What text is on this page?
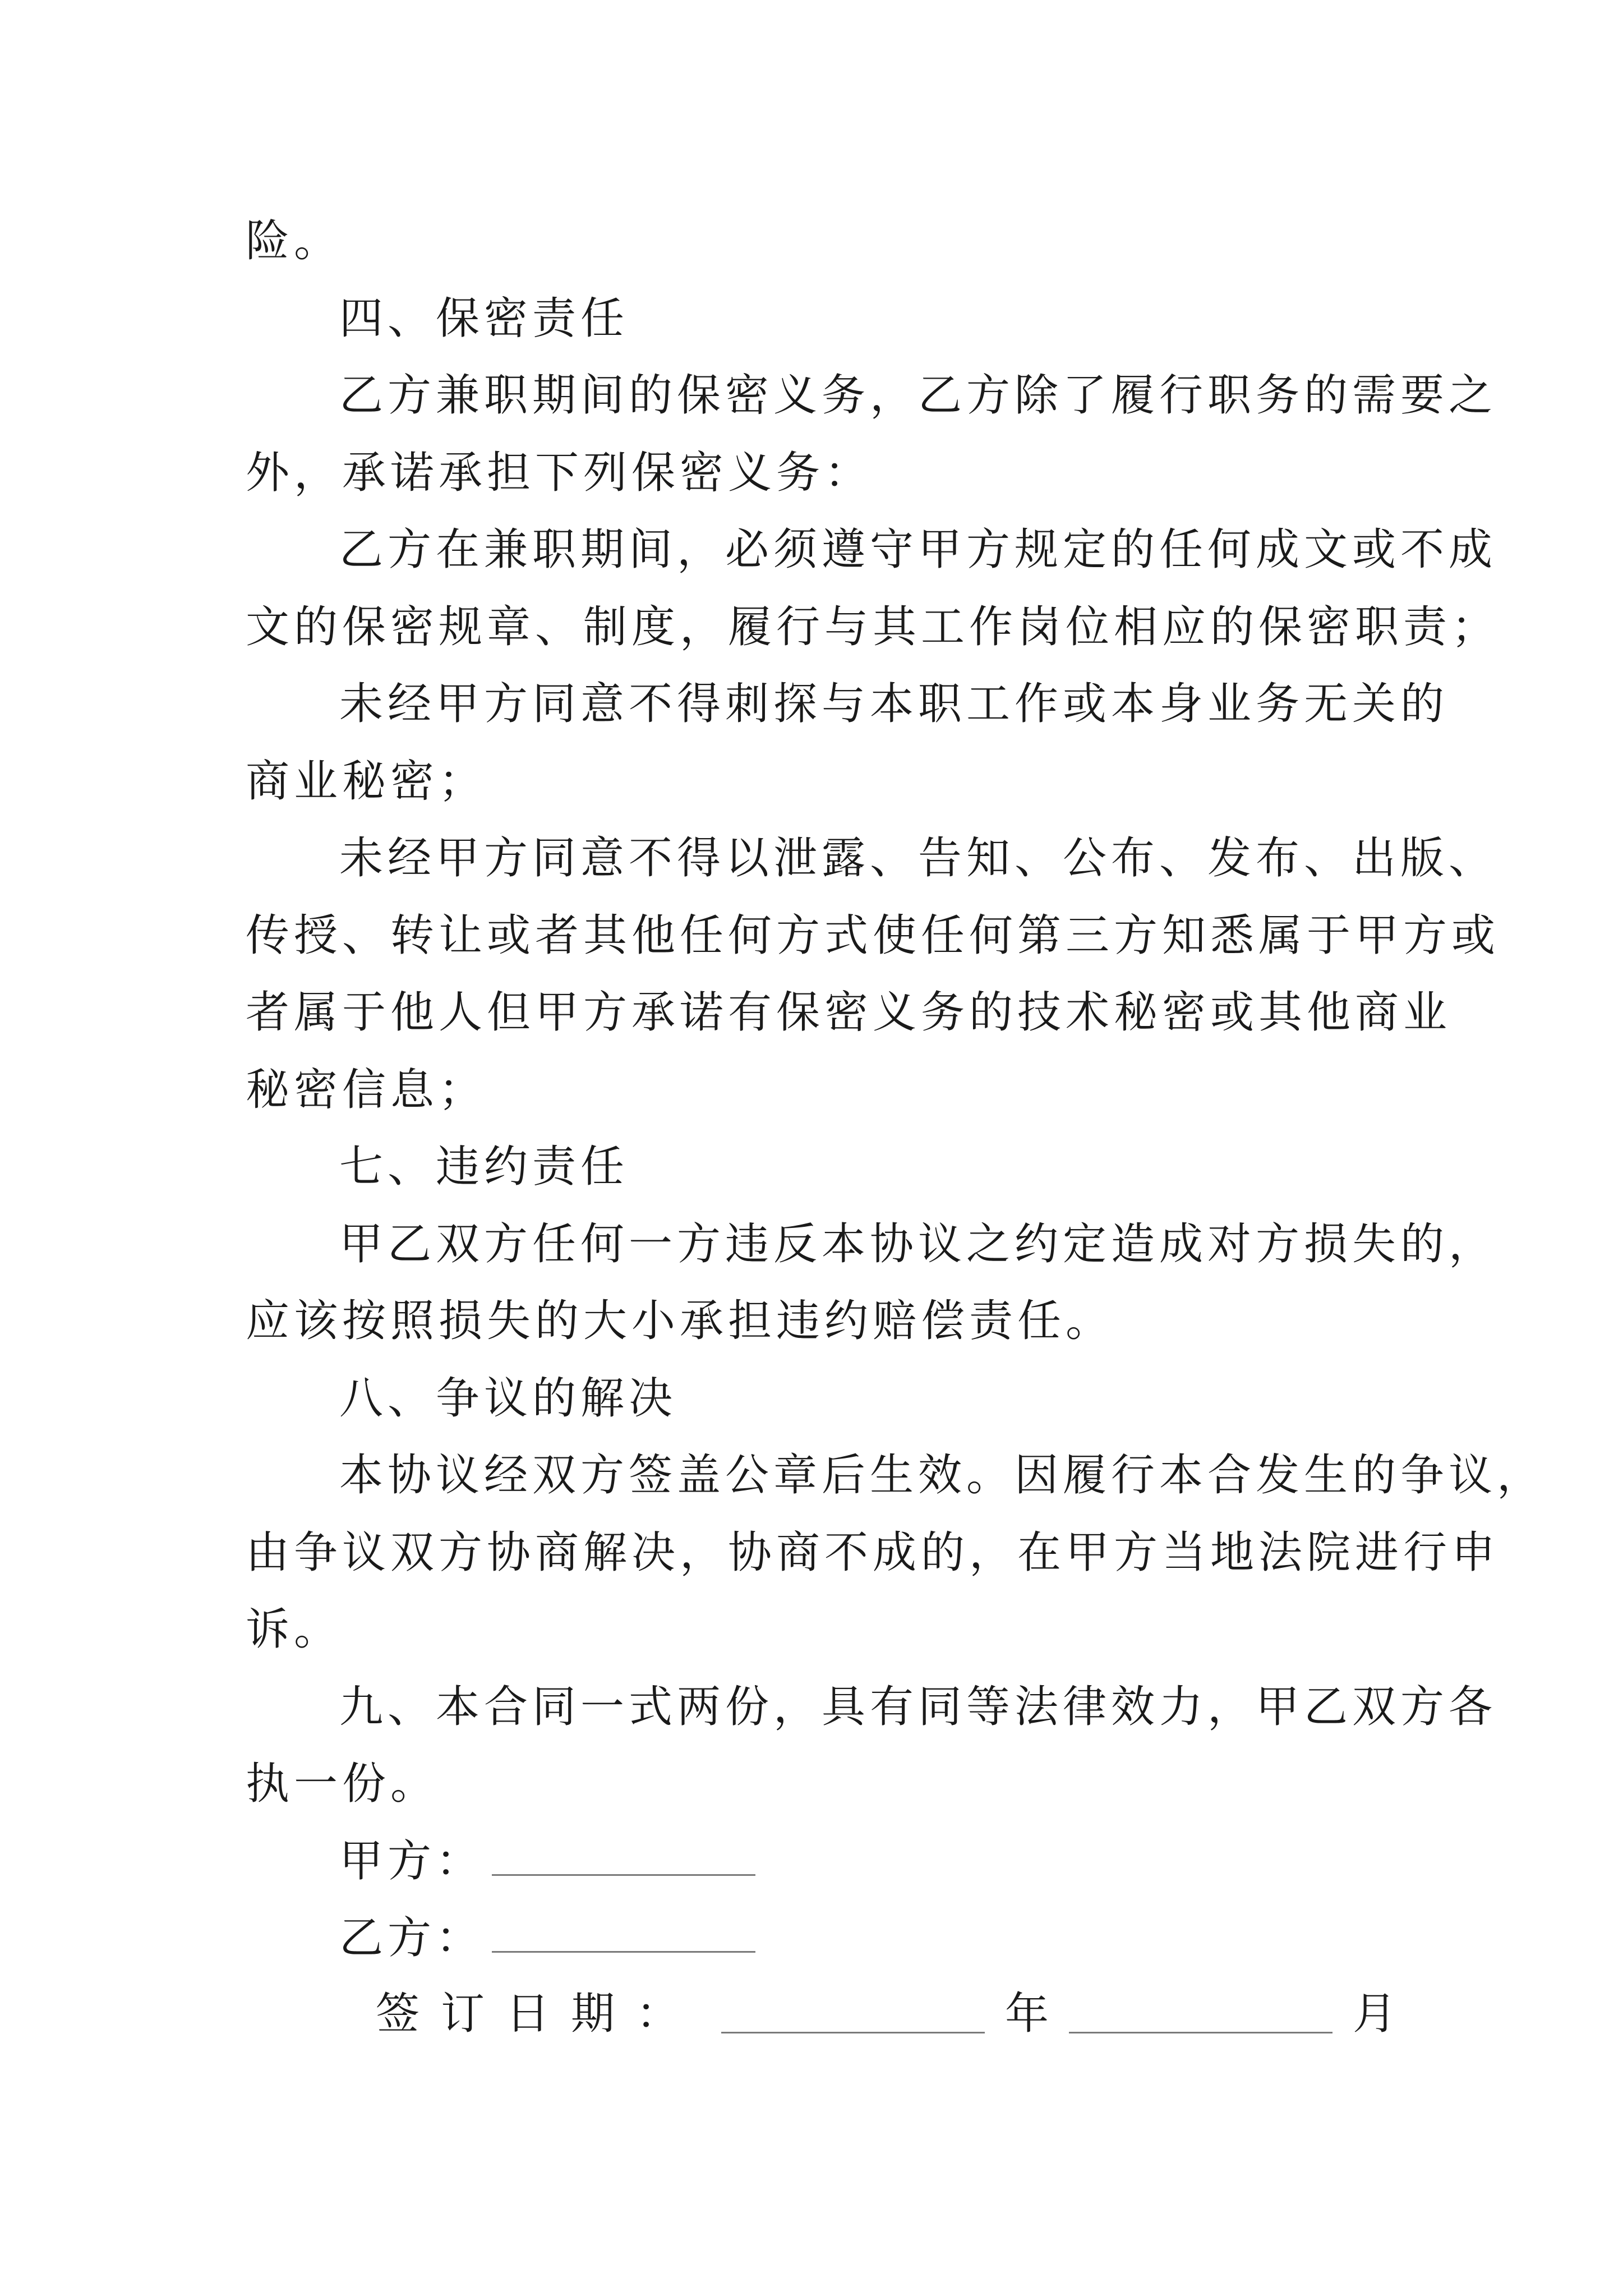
险。
四、保密责任
乙方兼职期间的保密义务，乙方除了履行职务的需要之
外，承诺承担下列保密义务：
乙方在兼职期间，必须遵守甲方规定的任何成文或不成
文的保密规章、制度，履行与其工作岗位相应的保密职责；
未经甲方同意不得刺探与本职工作或本身业务无关的
商业秘密；
未经甲方同意不得以泄露、告知、公布、发布、出版、
传授、转让或者其他任何方式使任何第三方知悉属于甲方或
者属于他人但甲方承诺有保密义务的技术秘密或其他商业
秘密信息；
七、违约责任
甲乙双方任何一方违反本协议之约定造成对方损失的，
应该按照损失的大小承担违约赔偿责任。
八、争议的解决
本协议经双方签盖公章后生效。因履行本合发生的争议，
由争议双方协商解决，协商不成的，在甲方当地法院进行申
诉。
九、本合同一式两份，具有同等法律效力，甲乙双方各
执一份。
甲方：
乙方：
签订日期：	年	月
